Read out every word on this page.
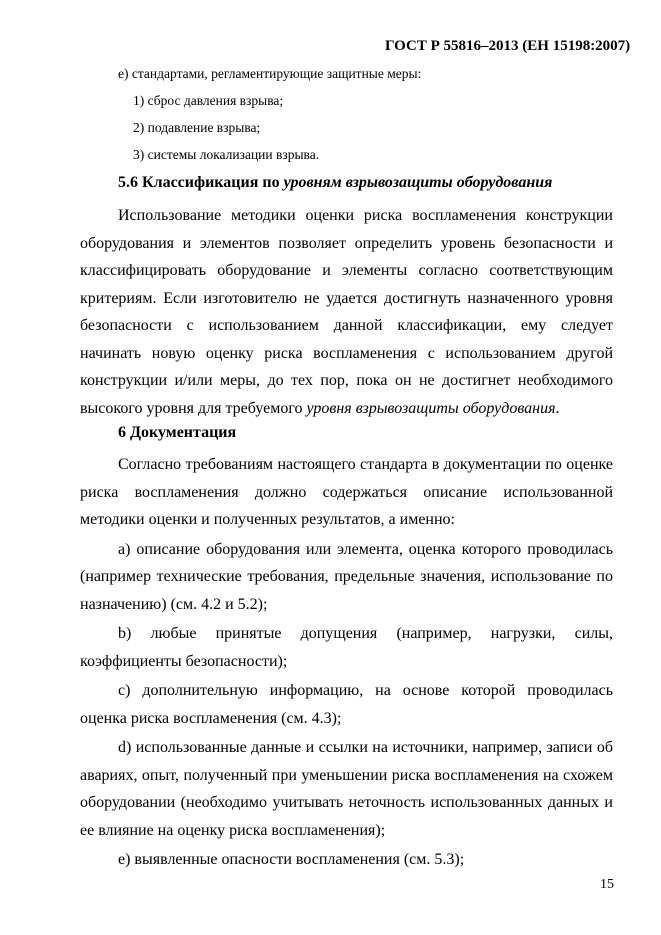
ГОСТ Р 55816–2013 (ЕН 15198:2007)
е) стандартами, регламентирующие защитные меры:
1) сброс давления взрыва;
2) подавление взрыва;
3) системы локализации взрыва.
5.6 Классификация по уровням взрывозащиты оборудования

Использование методики оценки риска воспламенения конструкции оборудования и элементов позволяет определить уровень безопасности и классифицировать оборудование и элементы согласно соответствующим критериям. Если изготовителю не удается достигнуть назначенного уровня безопасности с использованием данной классификации, ему следует начинать новую оценку риска воспламенения с использованием другой конструкции и/или меры, до тех пор, пока он не достигнет необходимого высокого уровня для требуемого уровня взрывозащиты оборудования.

6 Документация

Согласно требованиям настоящего стандарта в документации по оценке риска воспламенения должно содержаться описание использованной методики оценки и полученных результатов, а именно:

а) описание оборудования или элемента, оценка которого проводилась (например технические требования, предельные значения, использование по назначению) (см. 4.2 и 5.2);

b) любые принятые допущения (например, нагрузки, силы, коэффициенты безопасности);

c) дополнительную информацию, на основе которой проводилась оценка риска воспламенения (см. 4.3);

d) использованные данные и ссылки на источники, например, записи об авариях, опыт, полученный при уменьшении риска воспламенения на схожем оборудовании (необходимо учитывать неточность использованных данных и ее влияние на оценку риска воспламенения);

е) выявленные опасности воспламенения (см. 5.3);

15
